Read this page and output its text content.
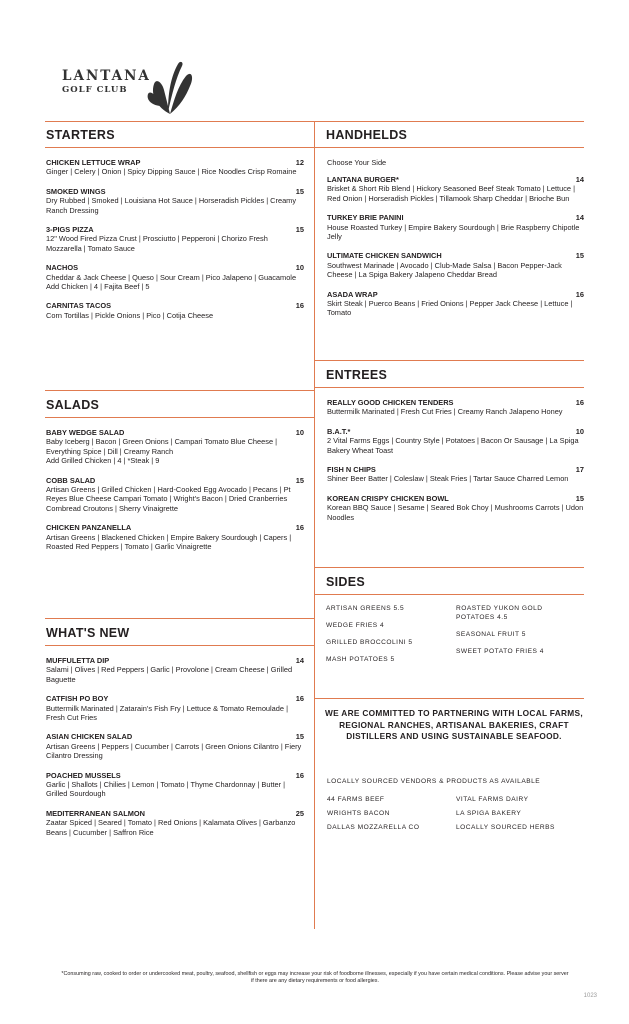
LANTANA
GOLF CLUB
STARTERS
CHICKEN LETTUCE WRAP	12
Ginger | Celery | Onion | Spicy Dipping Sauce | Rice Noodles Crisp Romaine
SMOKED WINGS	15
Dry Rubbed | Smoked | Louisiana Hot Sauce | Horseradish Pickles | Creamy Ranch Dressing
3-PIGS PIZZA	15
12" Wood Fired Pizza Crust | Prosciutto | Pepperoni | Chorizo Fresh Mozzarella | Tomato Sauce
NACHOS	10
Cheddar & Jack Cheese | Queso | Sour Cream | Pico Jalapeno | Guacamole
Add Chicken | 4 | Fajita Beef | 5
CARNITAS TACOS	16
Corn Tortillas | Pickle Onions | Pico | Cotija Cheese
SALADS
BABY WEDGE SALAD	10
Baby Iceberg | Bacon | Green Onions | Campari Tomato Blue Cheese | Everything Spice | Dill | Creamy Ranch
Add Grilled Chicken | 4 | *Steak | 9
COBB SALAD	15
Artisan Greens | Grilled Chicken | Hard-Cooked Egg Avocado | Pecans | Pt Reyes Blue Cheese Campari Tomato | Wright's Bacon | Dried Cranberries Cornbread Croutons | Sherry Vinaigrette
CHICKEN PANZANELLA	16
Artisan Greens | Blackened Chicken | Empire Bakery Sourdough | Capers | Roasted Red Peppers | Tomato | Garlic Vinaigrette
WHAT'S NEW
MUFFULETTA DIP	14
Salami | Olives | Red Peppers | Garlic | Provolone | Cream Cheese | Grilled Baguette
CATFISH PO BOY	16
Buttermilk Marinated | Zatarain's Fish Fry | Lettuce & Tomato Remoulade | Fresh Cut Fries
ASIAN CHICKEN SALAD	15
Artisan Greens | Peppers | Cucumber | Carrots | Green Onions Cilantro | Fiery Cilantro Dressing
POACHED MUSSELS	16
Garlic | Shallots | Chilies | Lemon | Tomato | Thyme Chardonnay | Butter | Grilled Sourdough
MEDITERRANEAN SALMON	25
Zaatar Spiced | Seared | Tomato | Red Onions | Kalamata Olives | Garbanzo Beans | Cucumber | Saffron Rice
HANDHELDS
Choose Your Side
LANTANA BURGER*	14
Brisket & Short Rib Blend | Hickory Seasoned Beef Steak Tomato | Lettuce | Red Onion | Horseradish Pickles | Tillamook Sharp Cheddar | Brioche Bun
TURKEY BRIE PANINI	14
House Roasted Turkey | Empire Bakery Sourdough | Brie Raspberry Chipotle Jelly
ULTIMATE CHICKEN SANDWICH	15
Southwest Marinade | Avocado | Club-Made Salsa | Bacon Pepper-Jack Cheese | La Spiga Bakery Jalapeno Cheddar Bread
ASADA WRAP	16
Skirt Steak | Puerco Beans | Fried Onions | Pepper Jack Cheese | Lettuce | Tomato
ENTREES
REALLY GOOD CHICKEN TENDERS	16
Buttermilk Marinated | Fresh Cut Fries | Creamy Ranch Jalapeno Honey
B.A.T.*	10
2 Vital Farms Eggs | Country Style | Potatoes | Bacon Or Sausage | La Spiga Bakery Wheat Toast
FISH N CHIPS	17
Shiner Beer Batter | Coleslaw | Steak Fries | Tartar Sauce Charred Lemon
KOREAN CRISPY CHICKEN BOWL	15
Korean BBQ Sauce | Sesame | Seared Bok Choy | Mushrooms Carrots | Udon Noodles
SIDES
ARTISAN GREENS 5.5
WEDGE FRIES 4
GRILLED BROCCOLINI 5
MASH POTATOES 5
ROASTED YUKON GOLD POTATOES 4.5
SEASONAL FRUIT 5
SWEET POTATO FRIES 4
WE ARE COMMITTED TO PARTNERING WITH LOCAL FARMS, REGIONAL RANCHES, ARTISANAL BAKERIES, CRAFT DISTILLERS AND USING SUSTAINABLE SEAFOOD.
LOCALLY SOURCED VENDORS & PRODUCTS AS AVAILABLE
44 FARMS BEEF
WRIGHTS BACON
DALLAS MOZZARELLA CO
VITAL FARMS DAIRY
LA SPIGA BAKERY
LOCALLY SOURCED HERBS
*Consuming raw, cooked to order or undercooked meat, poultry, seafood, shellfish or eggs may increase your risk of foodborne illnesses, especially if you have certain medical conditions. Please advise your server if there are any dietary requirements or food allergies.
1023
